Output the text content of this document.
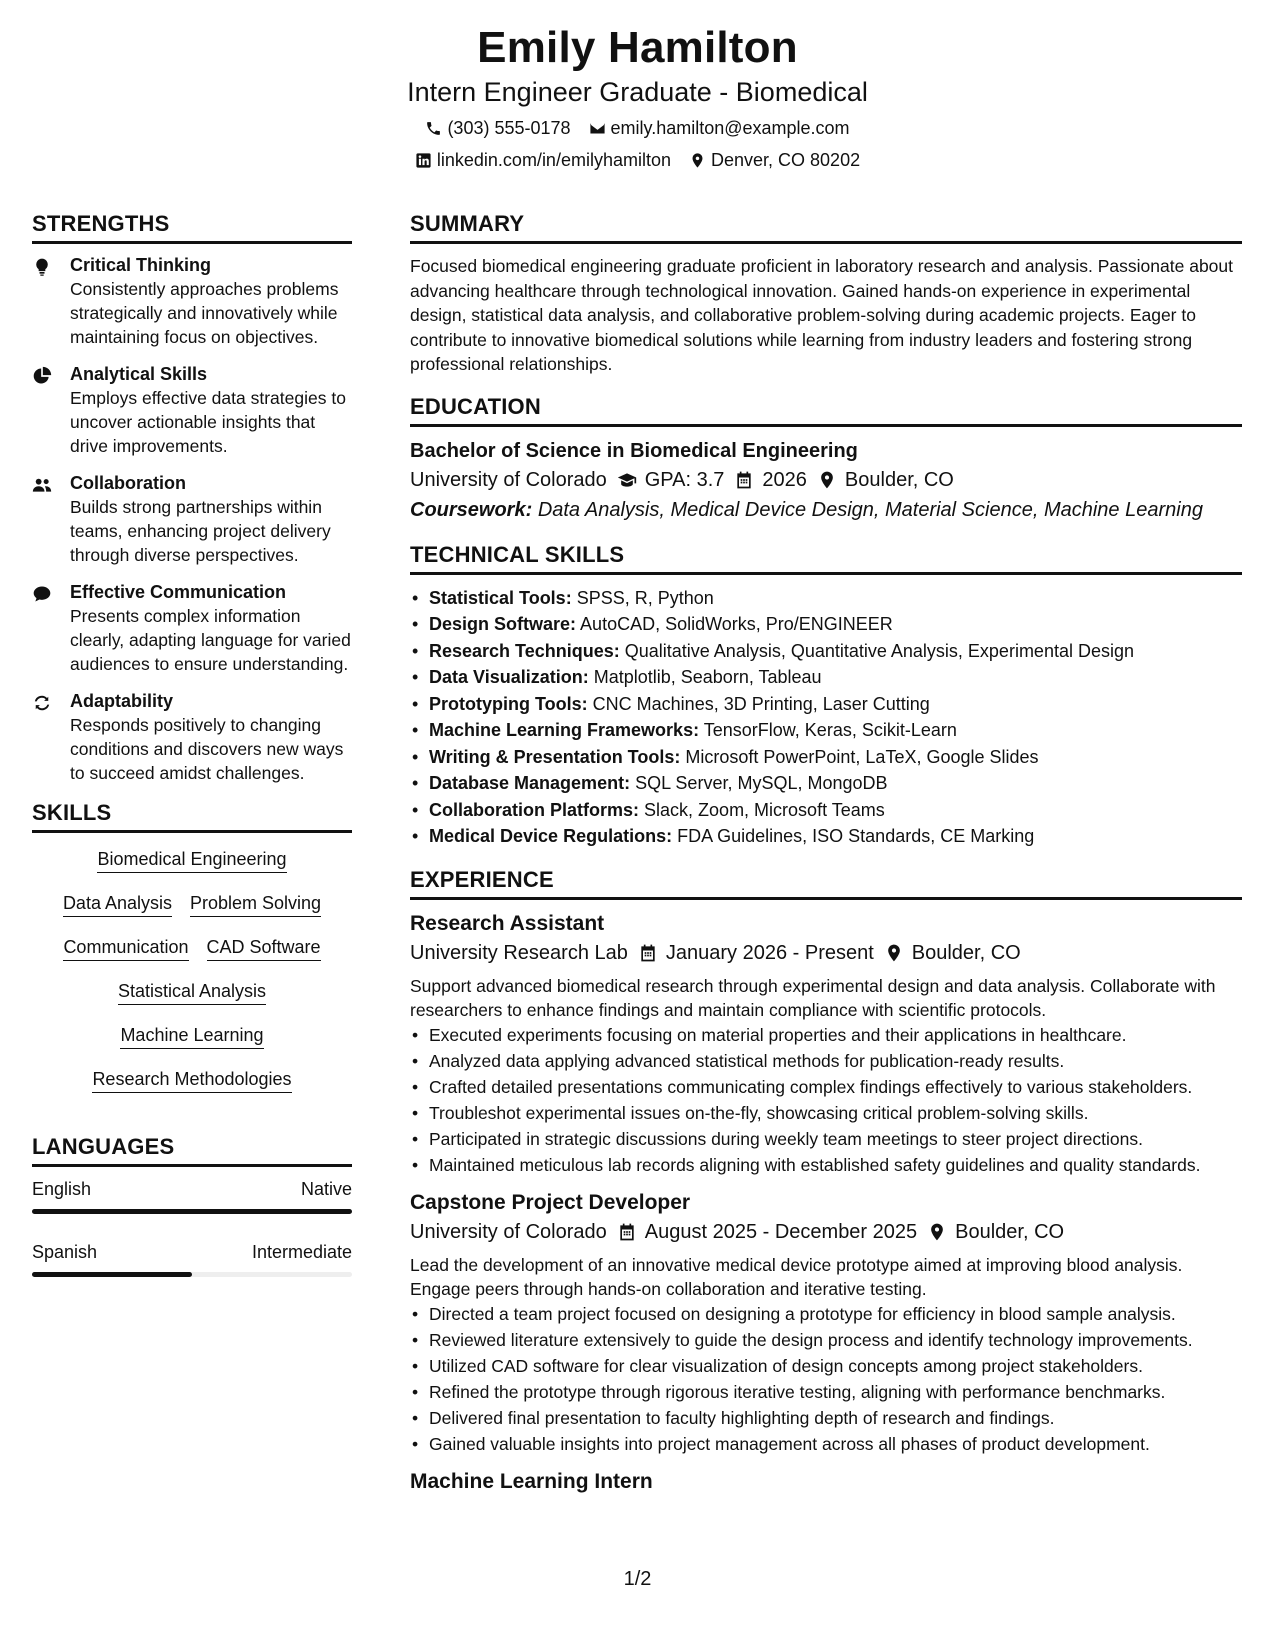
Emily Hamilton
Intern Engineer Graduate - Biomedical
(303) 555-0178 emily.hamilton@example.com
linkedin.com/in/emilyhamilton Denver, CO 80202
STRENGTHS
Critical Thinking
Consistently approaches problems strategically and innovatively while maintaining focus on objectives.
Analytical Skills
Employs effective data strategies to uncover actionable insights that drive improvements.
Collaboration
Builds strong partnerships within teams, enhancing project delivery through diverse perspectives.
Effective Communication
Presents complex information clearly, adapting language for varied audiences to ensure understanding.
Adaptability
Responds positively to changing conditions and discovers new ways to succeed amidst challenges.
SKILLS
Biomedical Engineering
Data Analysis Problem Solving
Communication CAD Software
Statistical Analysis
Machine Learning
Research Methodologies
LANGUAGES
English	Native
Spanish	Intermediate
SUMMARY
Focused biomedical engineering graduate proficient in laboratory research and analysis. Passionate about advancing healthcare through technological innovation. Gained hands-on experience in experimental design, statistical data analysis, and collaborative problem-solving during academic projects. Eager to contribute to innovative biomedical solutions while learning from industry leaders and fostering strong professional relationships.
EDUCATION
Bachelor of Science in Biomedical Engineering
University of Colorado GPA: 3.7 2026 Boulder, CO
Coursework: Data Analysis, Medical Device Design, Material Science, Machine Learning
TECHNICAL SKILLS
• Statistical Tools: SPSS, R, Python
• Design Software: AutoCAD, SolidWorks, Pro/ENGINEER
• Research Techniques: Qualitative Analysis, Quantitative Analysis, Experimental Design
• Data Visualization: Matplotlib, Seaborn, Tableau
• Prototyping Tools: CNC Machines, 3D Printing, Laser Cutting
• Machine Learning Frameworks: TensorFlow, Keras, Scikit-Learn
• Writing & Presentation Tools: Microsoft PowerPoint, LaTeX, Google Slides
• Database Management: SQL Server, MySQL, MongoDB
• Collaboration Platforms: Slack, Zoom, Microsoft Teams
• Medical Device Regulations: FDA Guidelines, ISO Standards, CE Marking
EXPERIENCE
Research Assistant
University Research Lab January 2026 - Present Boulder, CO
Support advanced biomedical research through experimental design and data analysis. Collaborate with researchers to enhance findings and maintain compliance with scientific protocols.
• Executed experiments focusing on material properties and their applications in healthcare.
• Analyzed data applying advanced statistical methods for publication-ready results.
• Crafted detailed presentations communicating complex findings effectively to various stakeholders.
• Troubleshot experimental issues on-the-fly, showcasing critical problem-solving skills.
• Participated in strategic discussions during weekly team meetings to steer project directions.
• Maintained meticulous lab records aligning with established safety guidelines and quality standards.
Capstone Project Developer
University of Colorado August 2025 - December 2025 Boulder, CO
Lead the development of an innovative medical device prototype aimed at improving blood analysis. Engage peers through hands-on collaboration and iterative testing.
• Directed a team project focused on designing a prototype for efficiency in blood sample analysis.
• Reviewed literature extensively to guide the design process and identify technology improvements.
• Utilized CAD software for clear visualization of design concepts among project stakeholders.
• Refined the prototype through rigorous iterative testing, aligning with performance benchmarks.
• Delivered final presentation to faculty highlighting depth of research and findings.
• Gained valuable insights into project management across all phases of product development.
Machine Learning Intern
1/2
